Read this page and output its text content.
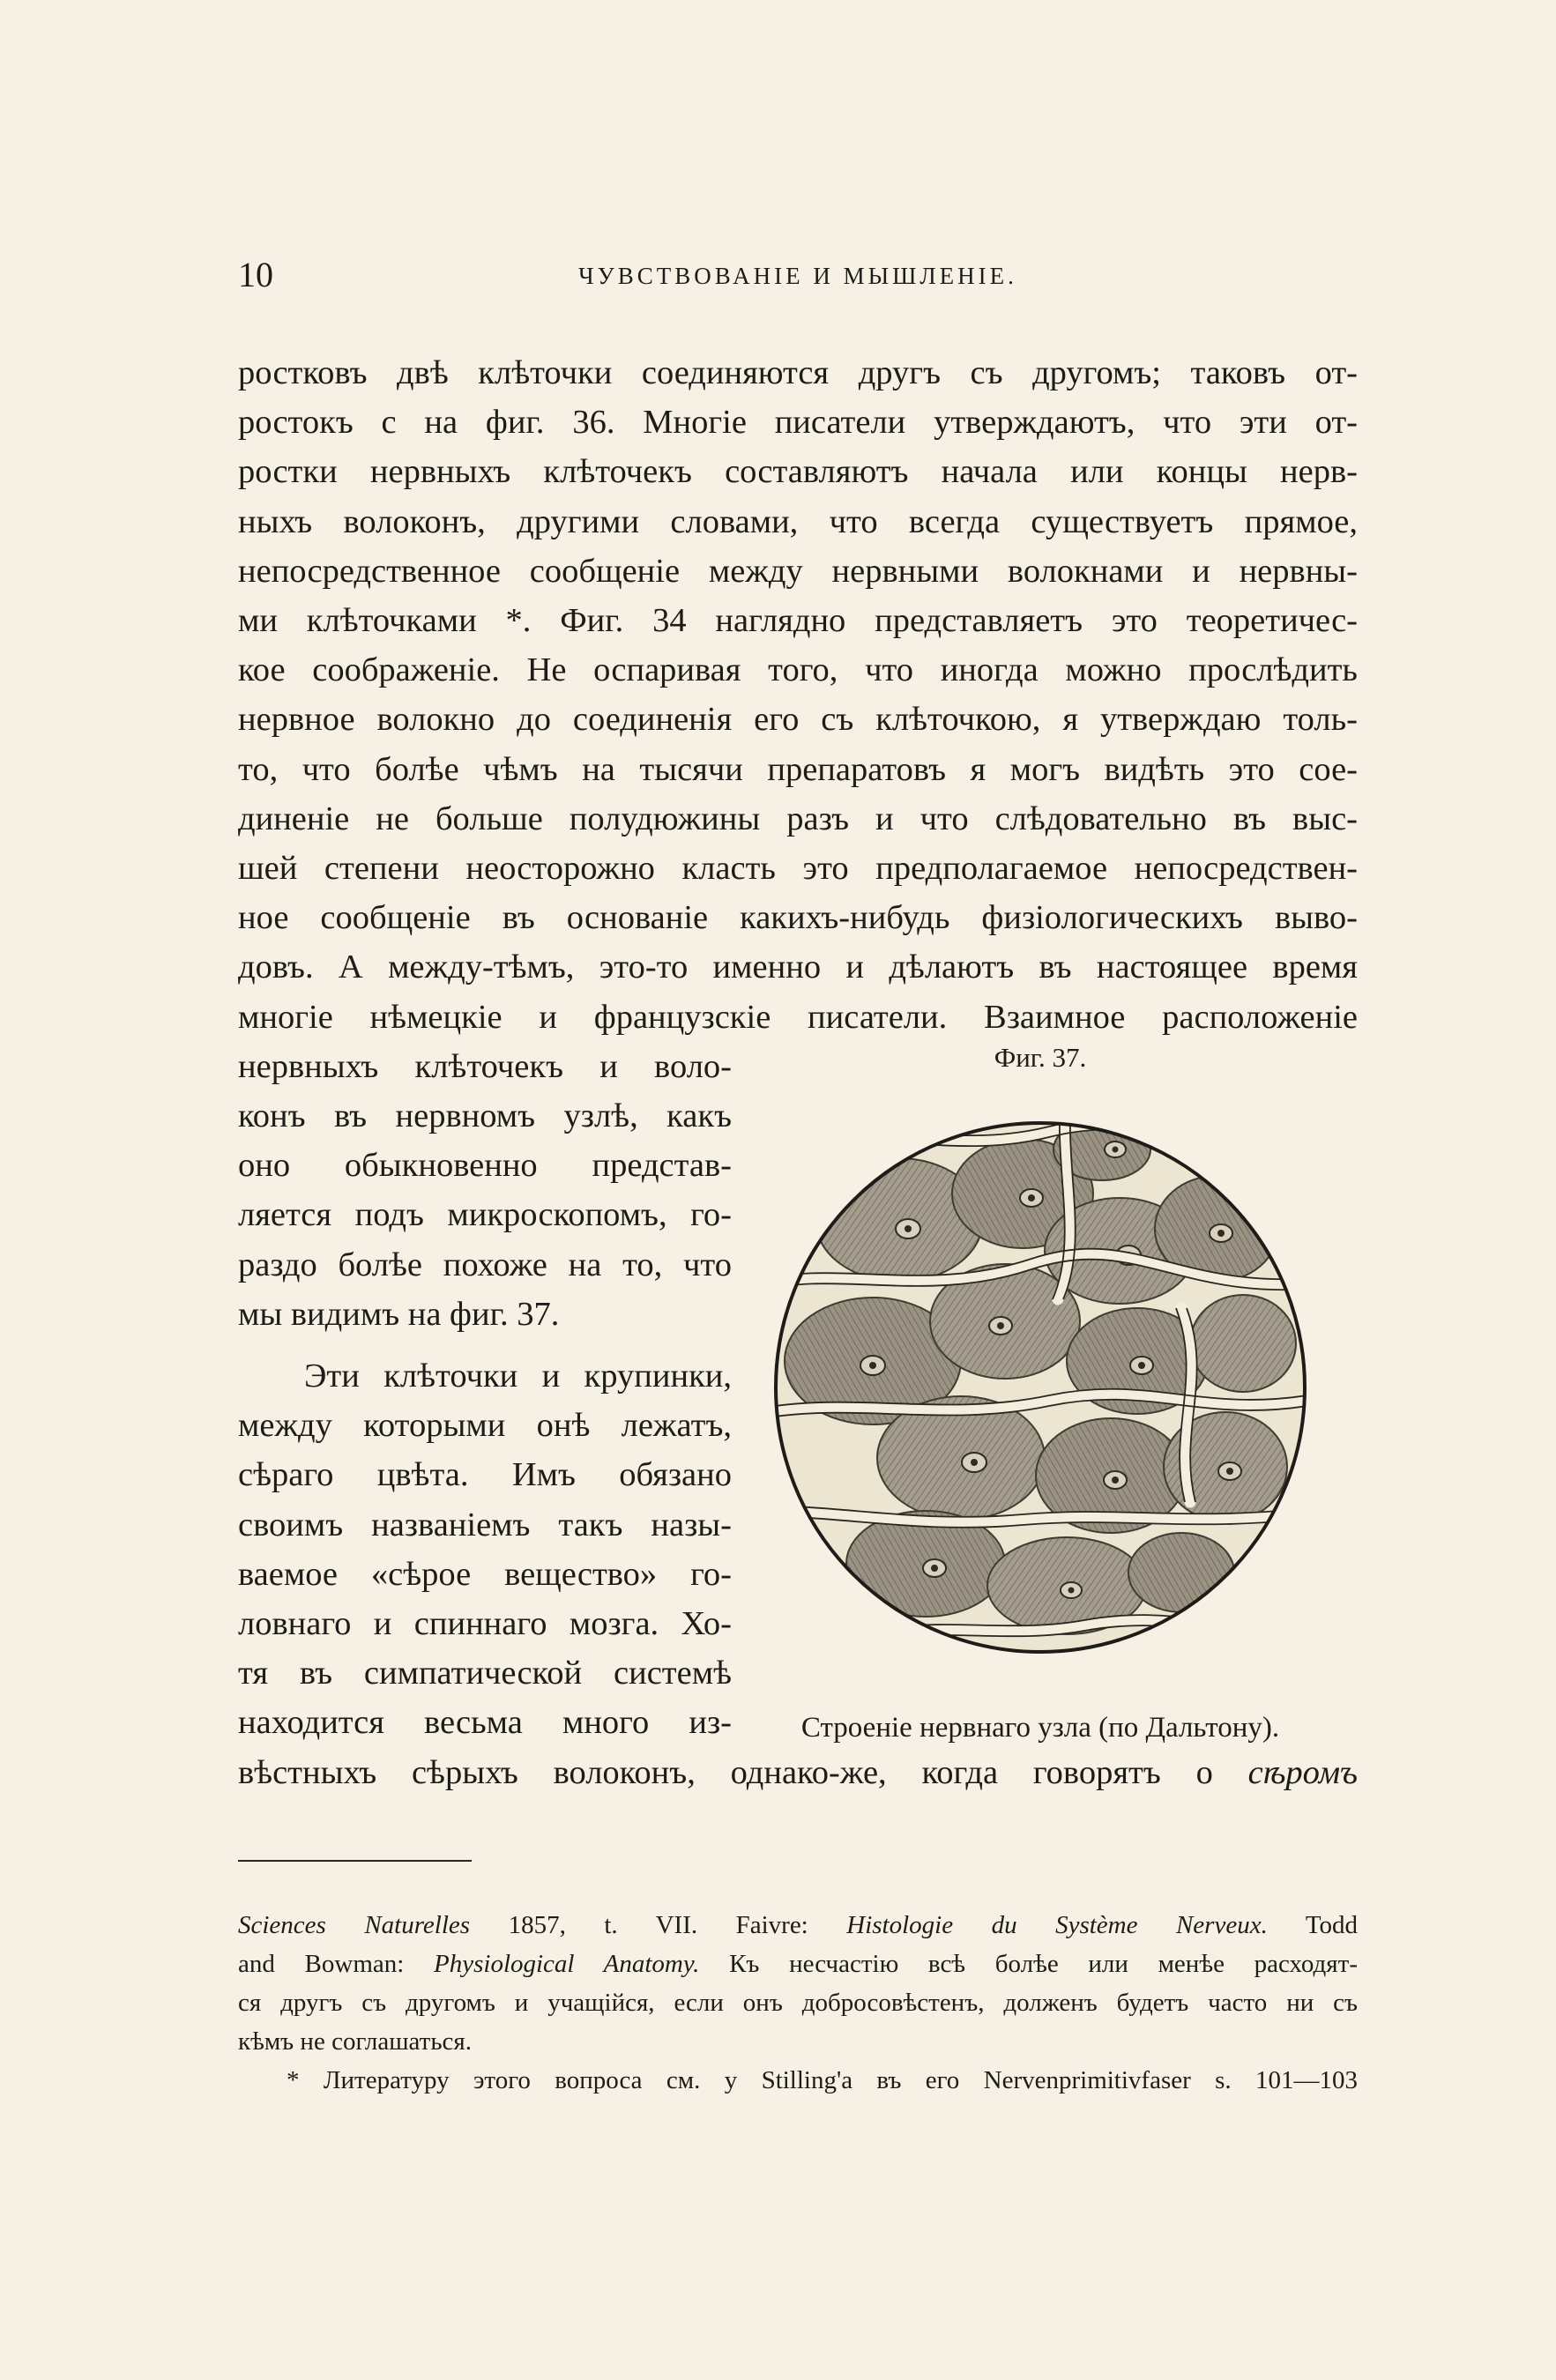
10	ЧУВСТВОВАНІЕ И МЫШЛЕНІЕ.
ростковъ двѣ клѣточки соединяются другъ съ другомъ; таковъ от-
ростокъ c на фиг. 36. Многіе писатели утверждаютъ, что эти от-
ростки нервныхъ клѣточекъ составляютъ начала или концы нерв-
ныхъ волоконъ, другими словами, что всегда существуетъ прямое,
непосредственное сообщеніе между нервными волокнами и нервны-
ми клѣточками *. Фиг. 34 наглядно представляетъ это теоретичес-
кое соображеніе. Не оспаривая того, что иногда можно прослѣдить
нервное волокно до соединенія его съ клѣточкою, я утверждаю толь-
то, что болѣе чѣмъ на тысячи препаратовъ я могъ видѣть это сое-
диненіе не больше полудюжины разъ и что слѣдовательно въ выс-
шей степени неосторожно класть это предполагаемое непосредствен-
ное сообщеніе въ основаніе какихъ-нибудь физіологическихъ выво-
довъ. А между-тѣмъ, это-то именно и дѣлаютъ въ настоящее время
многіе нѣмецкіе и французскіе писатели. Взаимное расположеніе
нервныхъ клѣточекъ и воло-
конъ въ нервномъ узлѣ, какъ
оно обыкновенно представ-
ляется подъ микроскопомъ, го-
раздо болѣе похоже на то, что
мы видимъ на фиг. 37.
Эти клѣточки и крупинки,
между которыми онѣ лежатъ,
сѣраго цвѣта. Имъ обязано
своимъ названіемъ такъ назы-
ваемое «сѣрое вещество» го-
ловнаго и спиннаго мозга. Хо-
тя въ симпатической системѣ
находится весьма много из-
вѣстныхъ сѣрыхъ волоконъ, однако-же, когда говорятъ о сѣромъ
Фиг. 37.
Строеніе нервнаго узла (по Дальтону).
Sciences Naturelles 1857, t. VII. Faivre: Histologie du Système Nerveux. Todd
and Bowman: Physiological Anatomy. Къ несчастію всѣ болѣе или менѣе расходят-
ся другъ съ другомъ и учащійся, если онъ добросовѣстенъ, долженъ будетъ часто ни съ
кѣмъ не соглашаться.
* Литературу этого вопроса см. у Stilling'а въ его Nervenprimitivfaser s. 101—103
